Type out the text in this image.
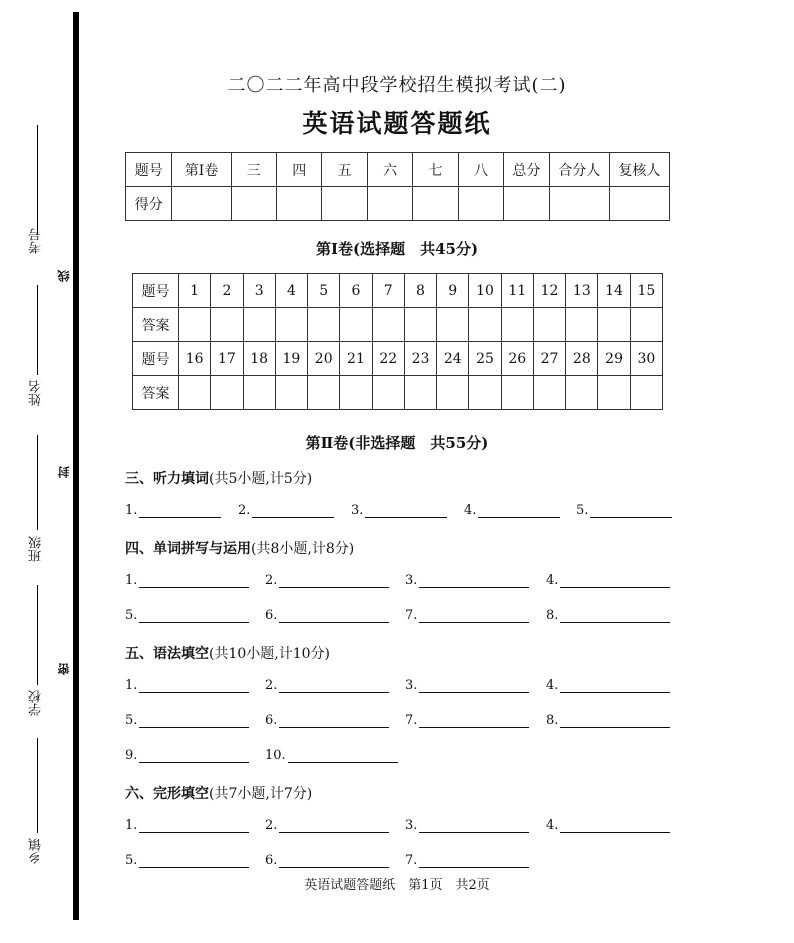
考号
姓名
班级
学校
乡镇
线
封
密
二〇二二年高中段学校招生模拟考试(二)
英语试题答题纸
题号	第Ⅰ卷	三	四	五	六	七	八	总分	合分人	复核人
得分										
第Ⅰ卷(选择题　共45分)
题号	1	2	3	4	5	6	7	8	9	10	11	12	13	14	15
答案															
题号	16	17	18	19	20	21	22	23	24	25	26	27	28	29	30
答案															
第Ⅱ卷(非选择题　共55分)
三、听力填词(共5小题,计5分)
1.	2.	3.	4.	5.
四、单词拼写与运用(共8小题,计8分)
1.	2.	3.	4.
5.	6.	7.	8.
五、语法填空(共10小题,计10分)
1.	2.	3.	4.
5.	6.	7.	8.
9.	10.
六、完形填空(共7小题,计7分)
1.	2.	3.	4.
5.	6.	7.
英语试题答题纸　第1页　共2页
